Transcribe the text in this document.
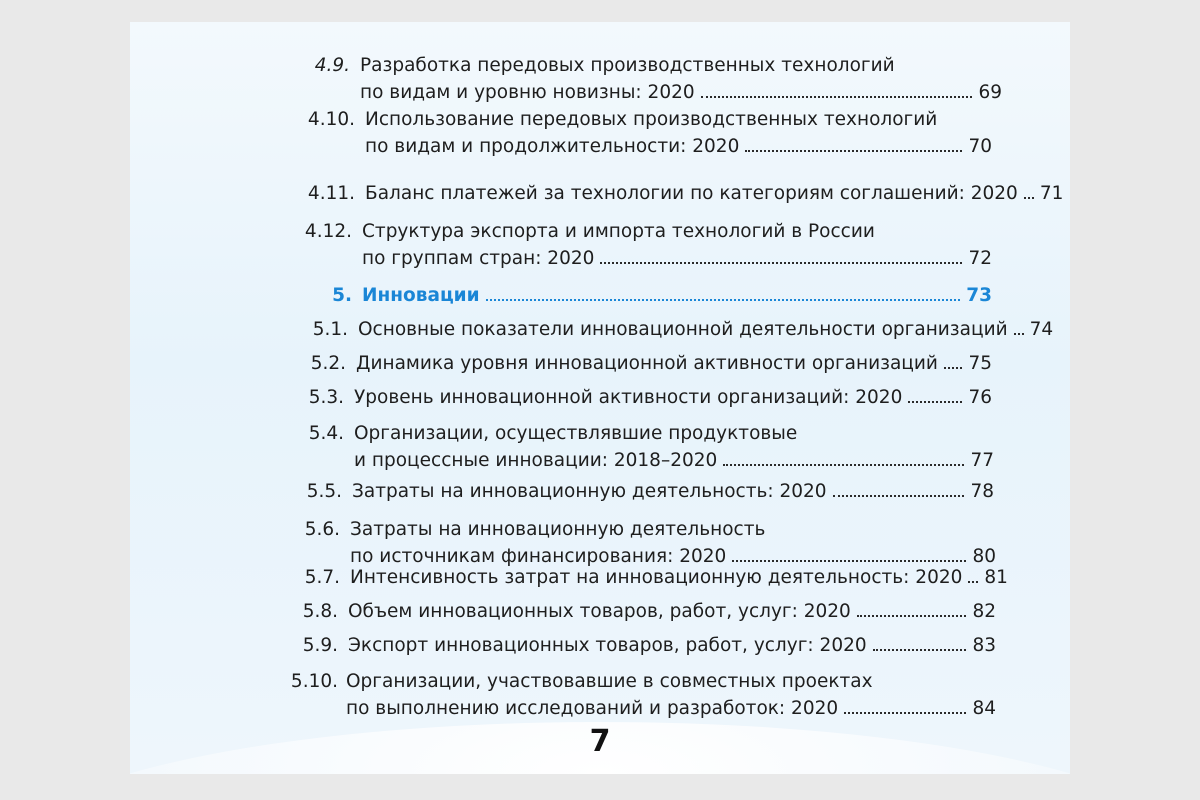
4.9. Разработка передовых производственных технологий
по видам и уровню новизны: 2020	69
4.10. Использование передовых производственных технологий
по видам и продолжительности: 2020	70
4.11. Баланс платежей за технологии по категориям соглашений: 2020 71
4.12. Структура экспорта и импорта технологий в России
по группам стран: 2020	72
5. Инновации	73
5.1. Основные показатели инновационной деятельности организаций 74
5.2. Динамика уровня инновационной активности организаций 75
5.3. Уровень инновационной активности организаций: 2020	76
5.4. Организации, осуществлявшие продуктовые
и процессные инновации: 2018–2020	77
5.5. Затраты на инновационную деятельность: 2020	78
5.6. Затраты на инновационную деятельность
по источникам финансирования: 2020	80
5.7. Интенсивность затрат на инновационную деятельность: 2020 81
5.8. Объем инновационных товаров, работ, услуг: 2020	82
5.9. Экспорт инновационных товаров, работ, услуг: 2020	83
5.10. Организации, участвовавшие в совместных проектах
по выполнению исследований и разработок: 2020	84
7
